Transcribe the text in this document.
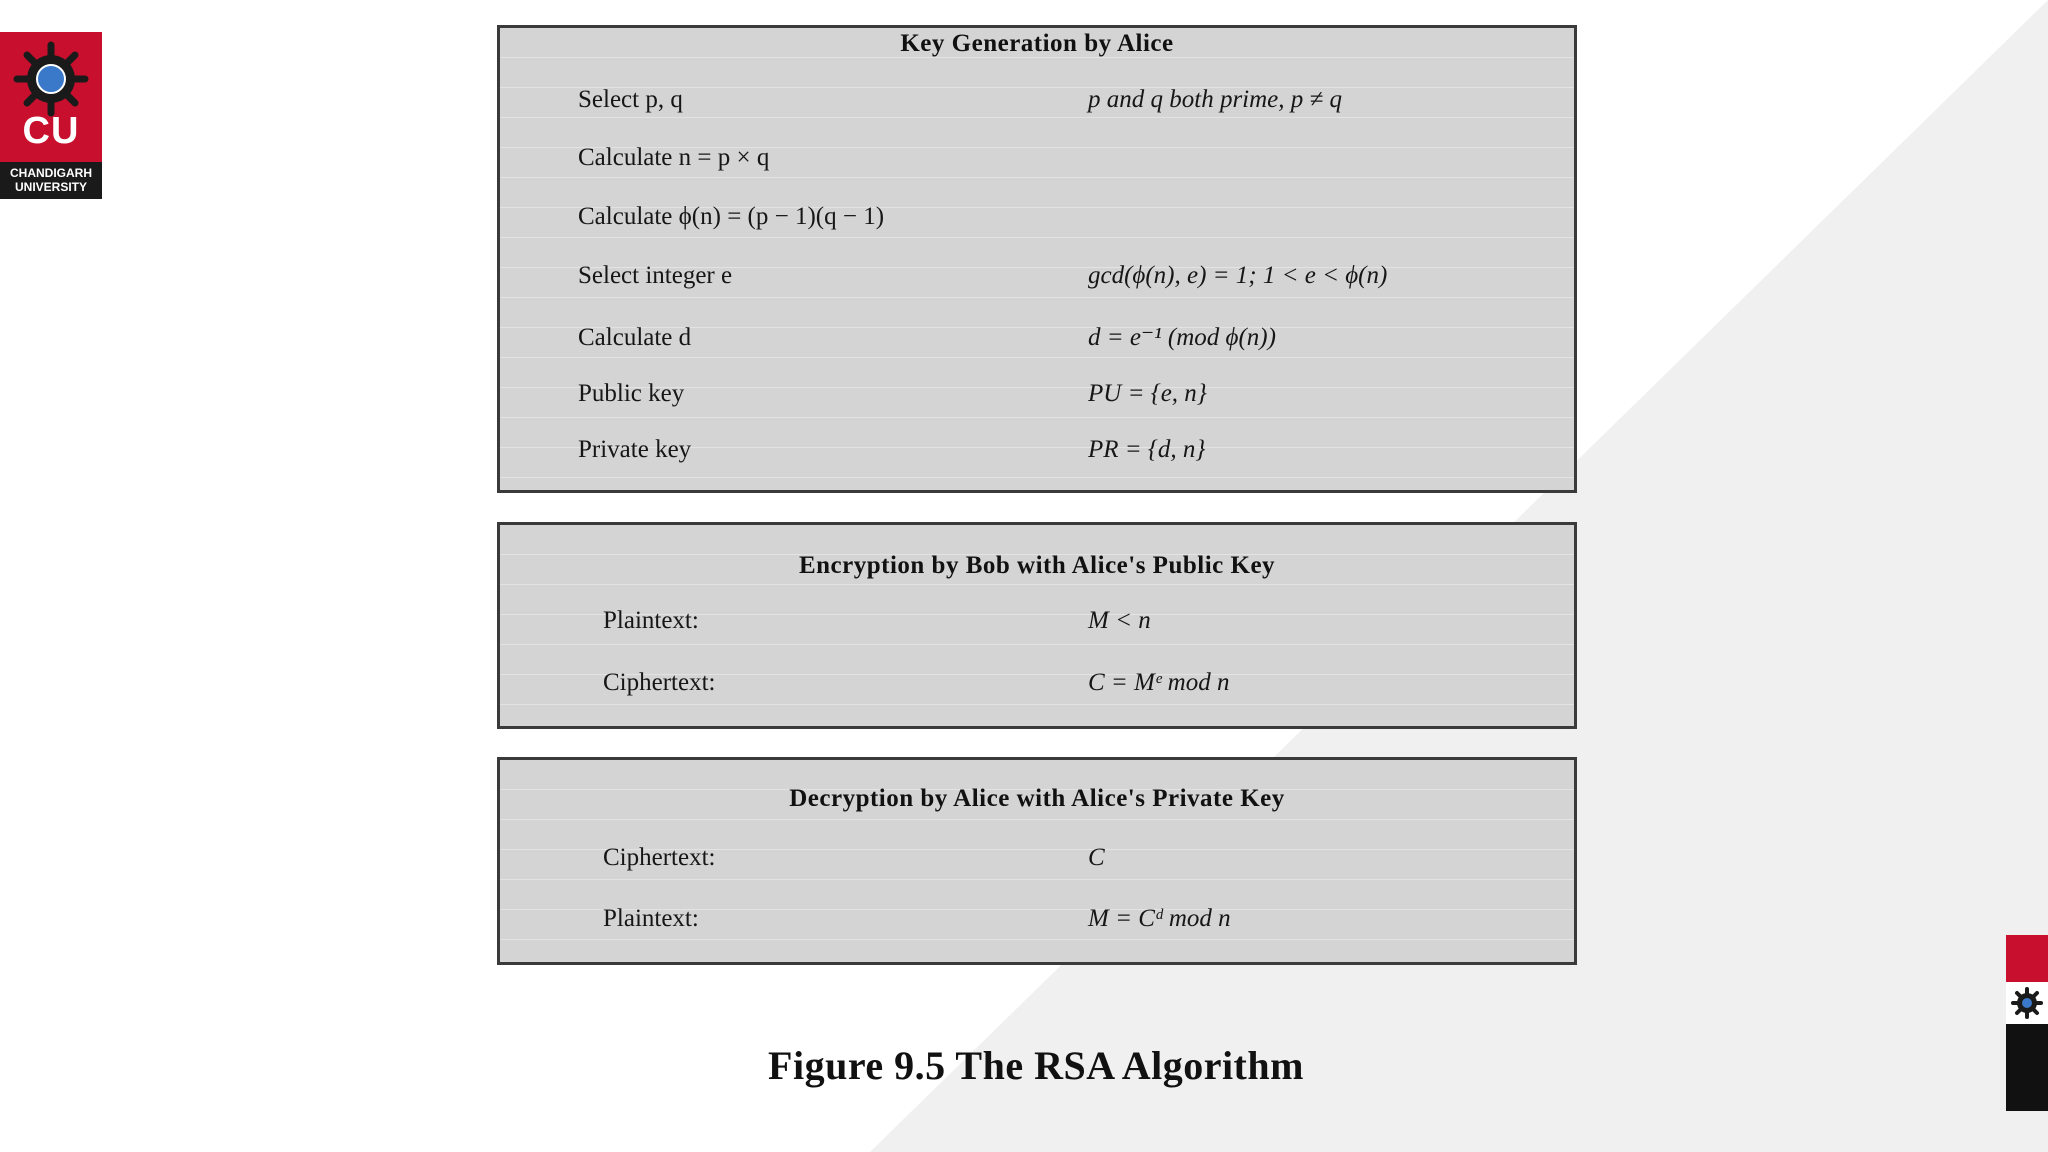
CU
CHANDIGARH
UNIVERSITY
Key Generation by Alice
Select p, q	p and q both prime, p ≠ q
Calculate n = p × q
Calculate ϕ(n) = (p − 1)(q − 1)
Select integer e	gcd(ϕ(n), e) = 1; 1 < e < ϕ(n)
Calculate d	d = e⁻¹ (mod ϕ(n))
Public key	PU = {e, n}
Private key	PR = {d, n}
Encryption by Bob with Alice's Public Key
Plaintext:	M < n
Ciphertext:	C = Mᵉ mod n
Decryption by Alice with Alice's Private Key
Ciphertext:	C
Plaintext:	M = Cᵈ mod n
Figure 9.5 The RSA Algorithm
